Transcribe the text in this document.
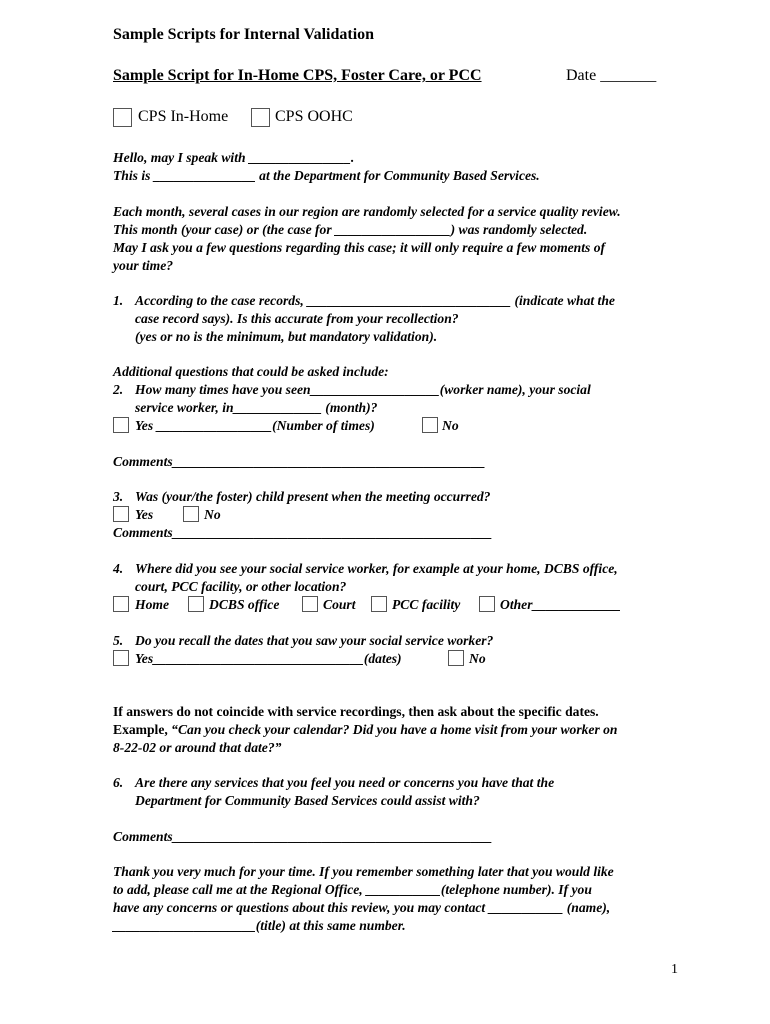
Sample Scripts for Internal Validation
Sample Script for In-Home CPS, Foster Care, or PCC	Date _______
CPS In-Home	CPS OOHC
Hello, may I speak with _______________.
This is _______________ at the Department for Community Based Services.
Each month, several cases in our region are randomly selected for a service quality review.
This month (your case) or (the case for _________________) was randomly selected.
May I ask you a few questions regarding this case; it will only require a few moments of
your time?
1. According to the case records, ______________________________ (indicate what the
case record says). Is this accurate from your recollection?
(yes or no is the minimum, but mandatory validation).
Additional questions that could be asked include:
2. How many times have you seen___________________(worker name), your social
service worker, in_____________ (month)?
Yes _________________(Number of times)	No
Comments______________________________________________
3. Was (your/the foster) child present when the meeting occurred?
Yes	No
Comments_______________________________________________
4. Where did you see your social service worker, for example at your home, DCBS office,
court, PCC facility, or other location?
Home	DCBS office	Court	PCC facility	Other_____________
5. Do you recall the dates that you saw your social service worker?
Yes_______________________________(dates)	No
If answers do not coincide with service recordings, then ask about the specific dates.
Example, “Can you check your calendar? Did you have a home visit from your worker on
8-22-02 or around that date?”
6. Are there any services that you feel you need or concerns you have that the
Department for Community Based Services could assist with?
Comments_______________________________________________
Thank you very much for your time. If you remember something later that you would like
to add, please call me at the Regional Office, ___________(telephone number). If you
have any concerns or questions about this review, you may contact ___________ (name),
_____________________(title) at this same number.
1
